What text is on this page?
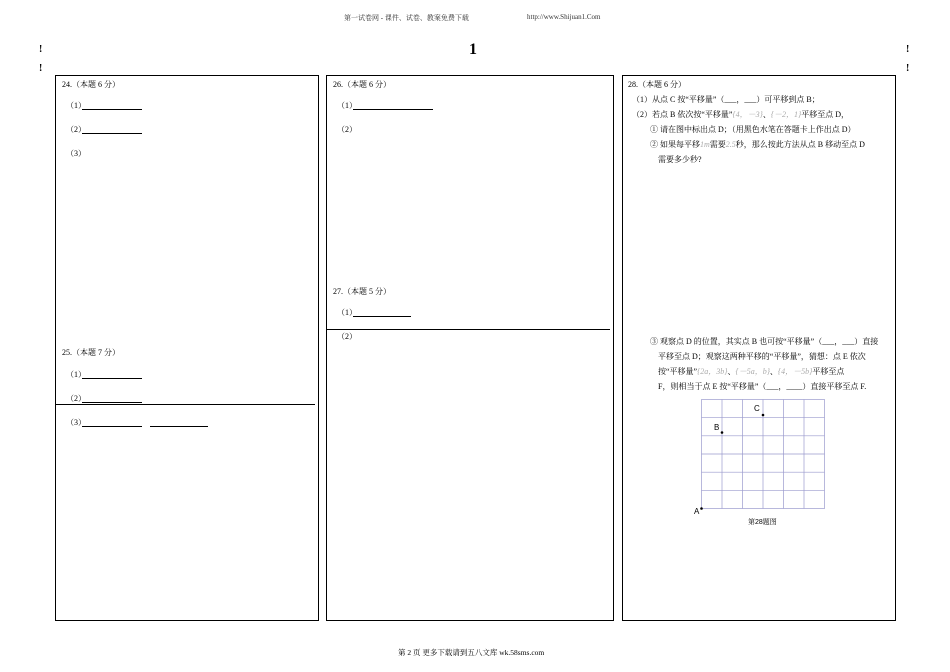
第一试卷网 - 课件、试卷、教案免费下载	http://www.Shijuan1.Com
1
!
!
!
!
24.（本题 6 分）
（1）
（2）
（3）
25.（本题 7 分）
（1）
（2）
（3）
26.（本题 6 分）
（1）
（2）
27.（本题 5 分）
（1）
（2）
28.（本题 6 分）
（1）从点 C 按“平移量”（___，___）可平移到点 B；
（2）若点 B 依次按“平移量”{4，－3}、{－2，1}平移至点 D，
① 请在图中标出点 D；（用黑色水笔在答题卡上作出点 D）
② 如果每平移1m需要2.5秒，那么按此方法从点 B 移动至点 D
需要多少秒?
③ 观察点 D 的位置，其实点 B 也可按“平移量”（___，___）直接
平移至点 D；观察这两种平移的“平移量”，猜想：点 E 依次
按“平移量”{2a，3b}、{－5a，b}、{4，－5b}平移至点
F，则相当于点 E 按“平移量”（___，____）直接平移至点 F.
C
B
A
第28题图
第 2 页 更多下载请到五八文库 wk.58sms.com
